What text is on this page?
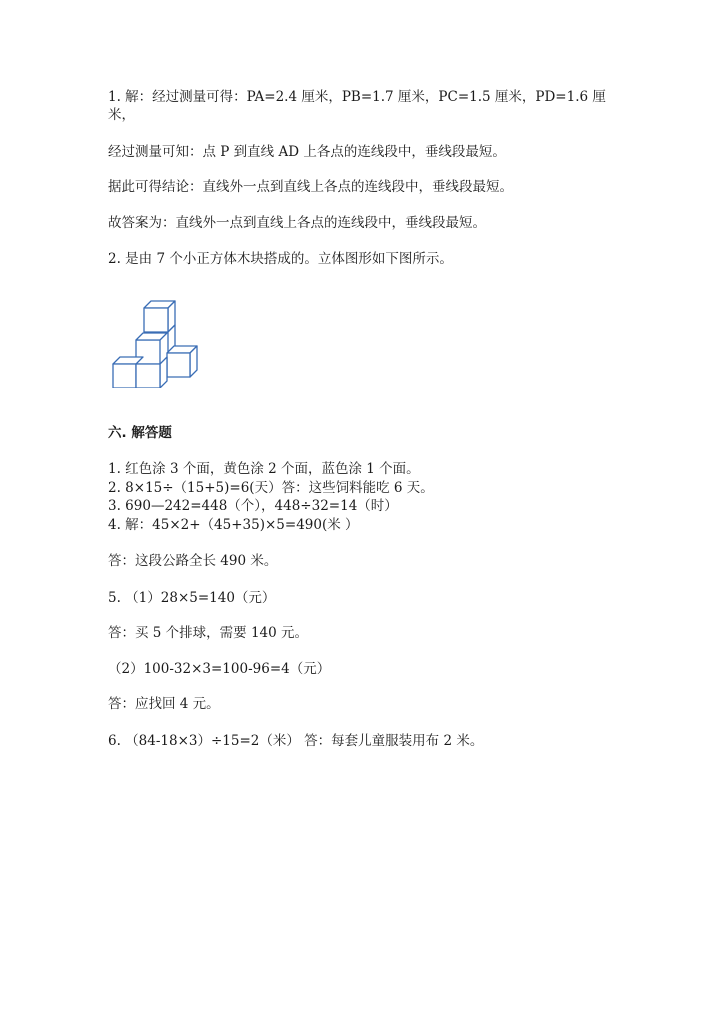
1. 解：经过测量可得：PA=2.4 厘米，PB=1.7 厘米，PC=1.5 厘米，PD=1.6 厘
米，
经过测量可知：点 P 到直线 AD 上各点的连线段中，垂线段最短。
据此可得结论：直线外一点到直线上各点的连线段中，垂线段最短。
故答案为：直线外一点到直线上各点的连线段中，垂线段最短。
2. 是由 7 个小正方体木块搭成的。立体图形如下图所示。
六. 解答题
1. 红色涂 3 个面，黄色涂 2 个面，蓝色涂 1 个面。
2. 8×15÷（15+5)=6(天）答：这些饲料能吃 6 天。
3. 690—242=448（个），448÷32=14（时）
4. 解：45×2+（45+35)×5=490(米 ）
答：这段公路全长 490 米。
5. （1）28×5=140（元）
答：买 5 个排球，需要 140 元。
（2）100-32×3=100-96=4（元）
答：应找回 4 元。
6. （84-18×3）÷15=2（米） 答：每套儿童服装用布 2 米。
